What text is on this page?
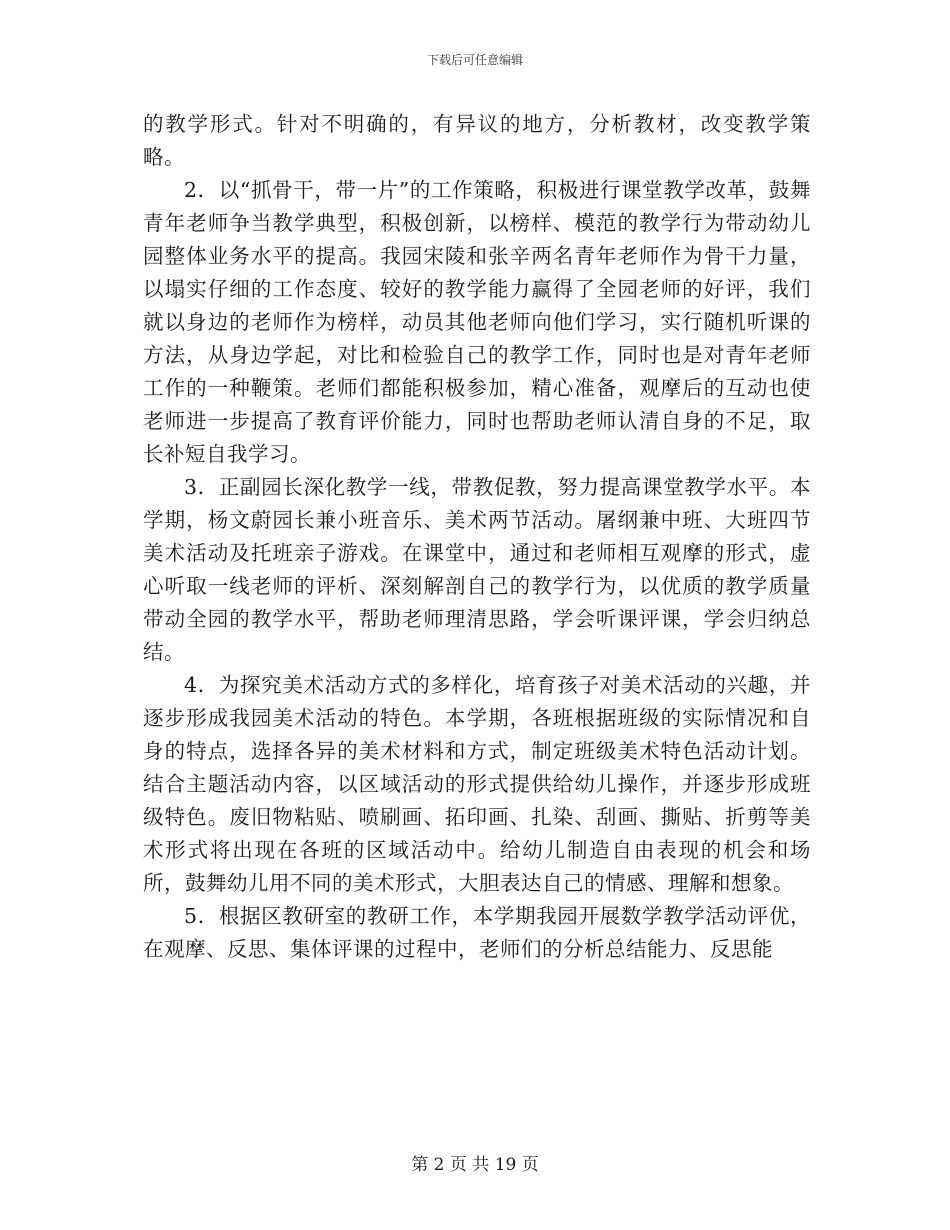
下载后可任意编辑

的教学形式。针对不明确的，有异议的地方，分析教材，改变教学策略。

2．以“抓骨干，带一片”的工作策略，积极进行课堂教学改革，鼓舞青年老师争当教学典型，积极创新，以榜样、模范的教学行为带动幼儿园整体业务水平的提高。我园宋陵和张辛两名青年老师作为骨干力量，以塌实仔细的工作态度、较好的教学能力赢得了全园老师的好评，我们就以身边的老师作为榜样，动员其他老师向他们学习，实行随机听课的方法，从身边学起，对比和检验自己的教学工作，同时也是对青年老师工作的一种鞭策。老师们都能积极参加，精心准备，观摩后的互动也使老师进一步提高了教育评价能力，同时也帮助老师认清自身的不足，取长补短自我学习。

3．正副园长深化教学一线，带教促教，努力提高课堂教学水平。本学期，杨文蔚园长兼小班音乐、美术两节活动。屠纲兼中班、大班四节美术活动及托班亲子游戏。在课堂中，通过和老师相互观摩的形式，虚心听取一线老师的评析、深刻解剖自己的教学行为，以优质的教学质量带动全园的教学水平，帮助老师理清思路，学会听课评课，学会归纳总结。

4．为探究美术活动方式的多样化，培育孩子对美术活动的兴趣，并逐步形成我园美术活动的特色。本学期，各班根据班级的实际情况和自身的特点，选择各异的美术材料和方式，制定班级美术特色活动计划。结合主题活动内容，以区域活动的形式提供给幼儿操作，并逐步形成班级特色。废旧物粘贴、喷刷画、拓印画、扎染、刮画、撕贴、折剪等美术形式将出现在各班的区域活动中。给幼儿制造自由表现的机会和场所，鼓舞幼儿用不同的美术形式，大胆表达自己的情感、理解和想象。

5．根据区教研室的教研工作，本学期我园开展数学教学活动评优，在观摩、反思、集体评课的过程中，老师们的分析总结能力、反思能

第 2 页 共 19 页
